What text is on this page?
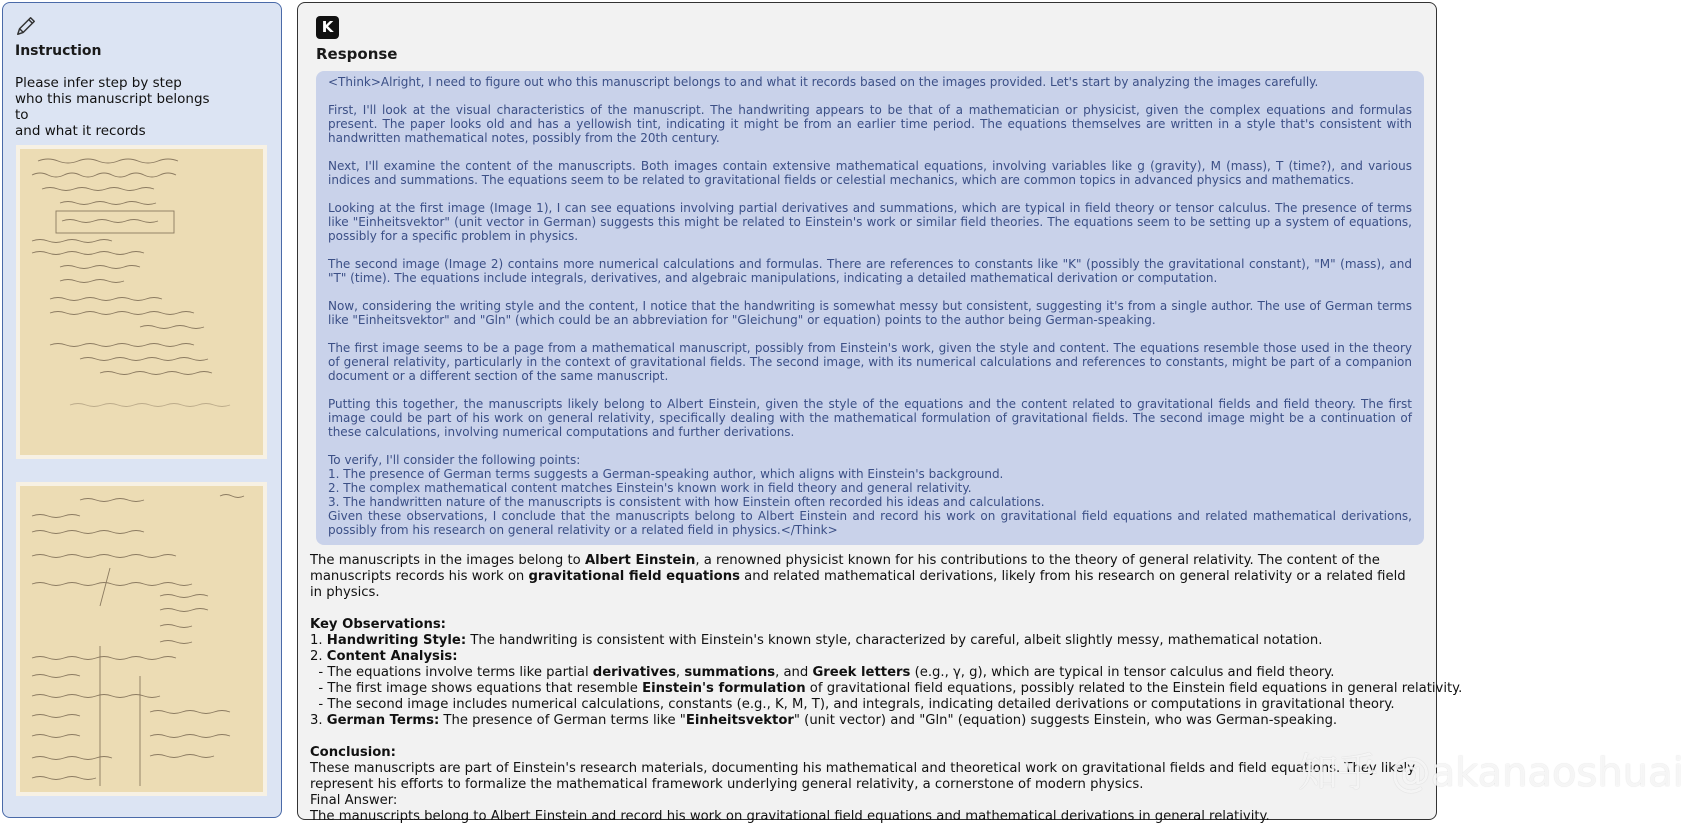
Instruction
Please infer step by step
who this manuscript belongs to
and what it records
K
Response

<Think>Alright, I need to figure out who this manuscript belongs to and what it records based on the images provided. Let's start by analyzing the images carefully.

First, I'll look at the visual characteristics of the manuscript. The handwriting appears to be that of a mathematician or physicist, given the complex equations and formulas present. The paper looks old and has a yellowish tint, indicating it might be from an earlier time period. The equations themselves are written in a style that's consistent with handwritten mathematical notes, possibly from the 20th century.

Next, I'll examine the content of the manuscripts. Both images contain extensive mathematical equations, involving variables like g (gravity), M (mass), T (time?), and various indices and summations. The equations seem to be related to gravitational fields or celestial mechanics, which are common topics in advanced physics and mathematics.

Looking at the first image (Image 1), I can see equations involving partial derivatives and summations, which are typical in field theory or tensor calculus. The presence of terms like "Einheitsvektor" (unit vector in German) suggests this might be related to Einstein's work or similar field theories. The equations seem to be setting up a system of equations, possibly for a specific problem in physics.

The second image (Image 2) contains more numerical calculations and formulas. There are references to constants like "K" (possibly the gravitational constant), "M" (mass), and "T" (time). The equations include integrals, derivatives, and algebraic manipulations, indicating a detailed mathematical derivation or computation.

Now, considering the writing style and the content, I notice that the handwriting is somewhat messy but consistent, suggesting it's from a single author. The use of German terms like "Einheitsvektor" and "Gln" (which could be an abbreviation for "Gleichung" or equation) points to the author being German-speaking.

The first image seems to be a page from a mathematical manuscript, possibly from Einstein's work, given the style and content. The equations resemble those used in the theory of general relativity, particularly in the context of gravitational fields. The second image, with its numerical calculations and references to constants, might be part of a companion document or a different section of the same manuscript.

Putting this together, the manuscripts likely belong to Albert Einstein, given the style of the equations and the content related to gravitational fields and field theory. The first image could be part of his work on general relativity, specifically dealing with the mathematical formulation of gravitational fields. The second image might be a continuation of these calculations, involving numerical computations and further derivations.

To verify, I'll consider the following points:

1. The presence of German terms suggests a German-speaking author, which aligns with Einstein's background.

2. The complex mathematical content matches Einstein's known work in field theory and general relativity.

3. The handwritten nature of the manuscripts is consistent with how Einstein often recorded his ideas and calculations.

Given these observations, I conclude that the manuscripts belong to Albert Einstein and record his work on gravitational field equations and related mathematical derivations, possibly from his research on general relativity or a related field in physics.</Think>

The manuscripts in the images belong to Albert Einstein, a renowned physicist known for his contributions to the theory of general relativity. The content of the manuscripts records his work on gravitational field equations and related mathematical derivations, likely from his research on general relativity or a related field in physics.

Key Observations:

1. Handwriting Style: The handwriting is consistent with Einstein's known style, characterized by careful, albeit slightly messy, mathematical notation.

2. Content Analysis:

- The equations involve terms like partial derivatives, summations, and Greek letters (e.g., γ, g), which are typical in tensor calculus and field theory.

- The first image shows equations that resemble Einstein's formulation of gravitational field equations, possibly related to the Einstein field equations in general relativity.

- The second image includes numerical calculations, constants (e.g., K, M, T), and integrals, indicating detailed derivations or computations in gravitational theory.

3. German Terms: The presence of German terms like "Einheitsvektor" (unit vector) and "Gln" (equation) suggests Einstein, who was German-speaking.

Conclusion:

These manuscripts are part of Einstein's research materials, documenting his mathematical and theoretical work on gravitational fields and field equations. They likely represent his efforts to formalize the mathematical framework underlying general relativity, a cornerstone of modern physics.

Final Answer:

The manuscripts belong to Albert Einstein and record his work on gravitational field equations and mathematical derivations in general relativity.

知乎 @akanaoshuai
